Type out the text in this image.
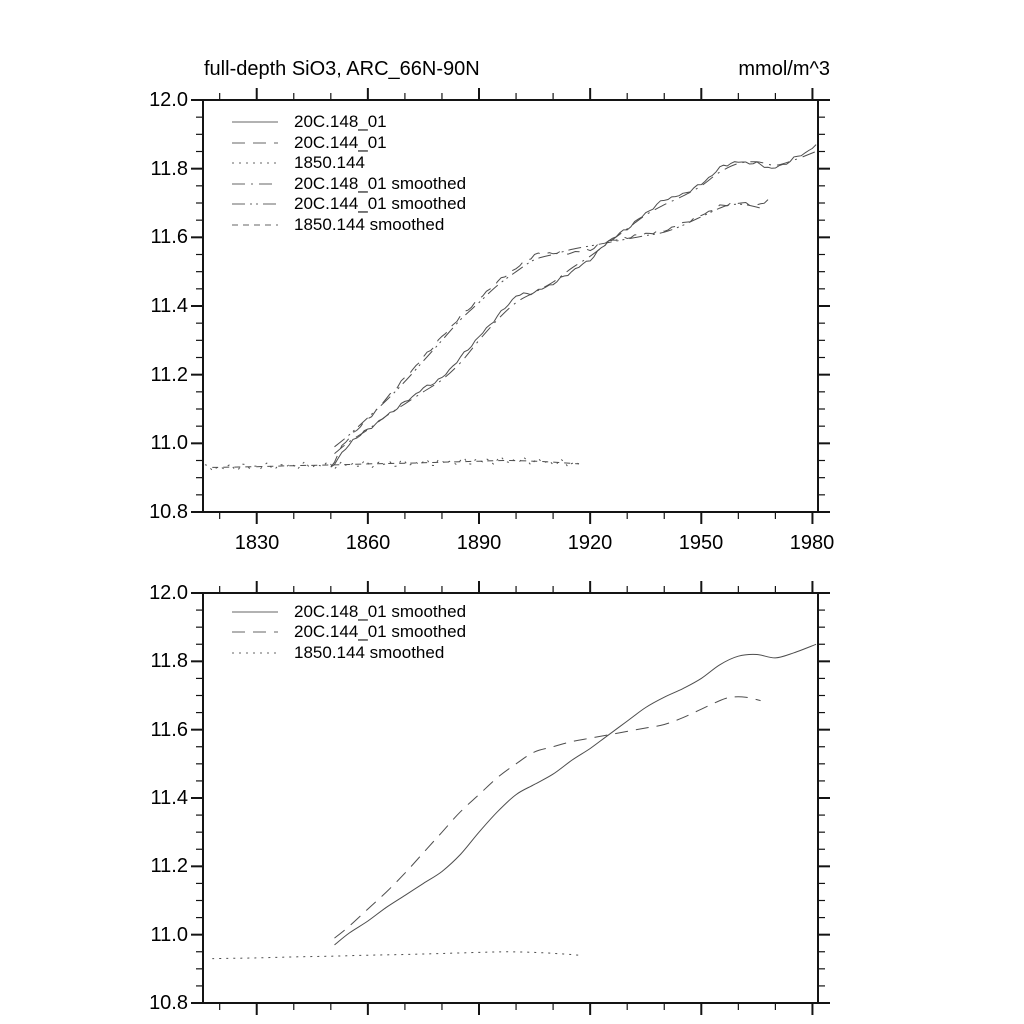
full-depth SiO3, ARC_66N-90N	mmol/m^3
12.0
11.8
11.6
11.4
11.2
11.0
10.8
1830	1860	1890	1920	1950	1980
12.0
11.8
11.6
11.4
11.2
11.0
10.8
20C.148_01
20C.144_01
1850.144
20C.148_01 smoothed
20C.144_01 smoothed
1850.144 smoothed
20C.148_01 smoothed
20C.144_01 smoothed
1850.144 smoothed
